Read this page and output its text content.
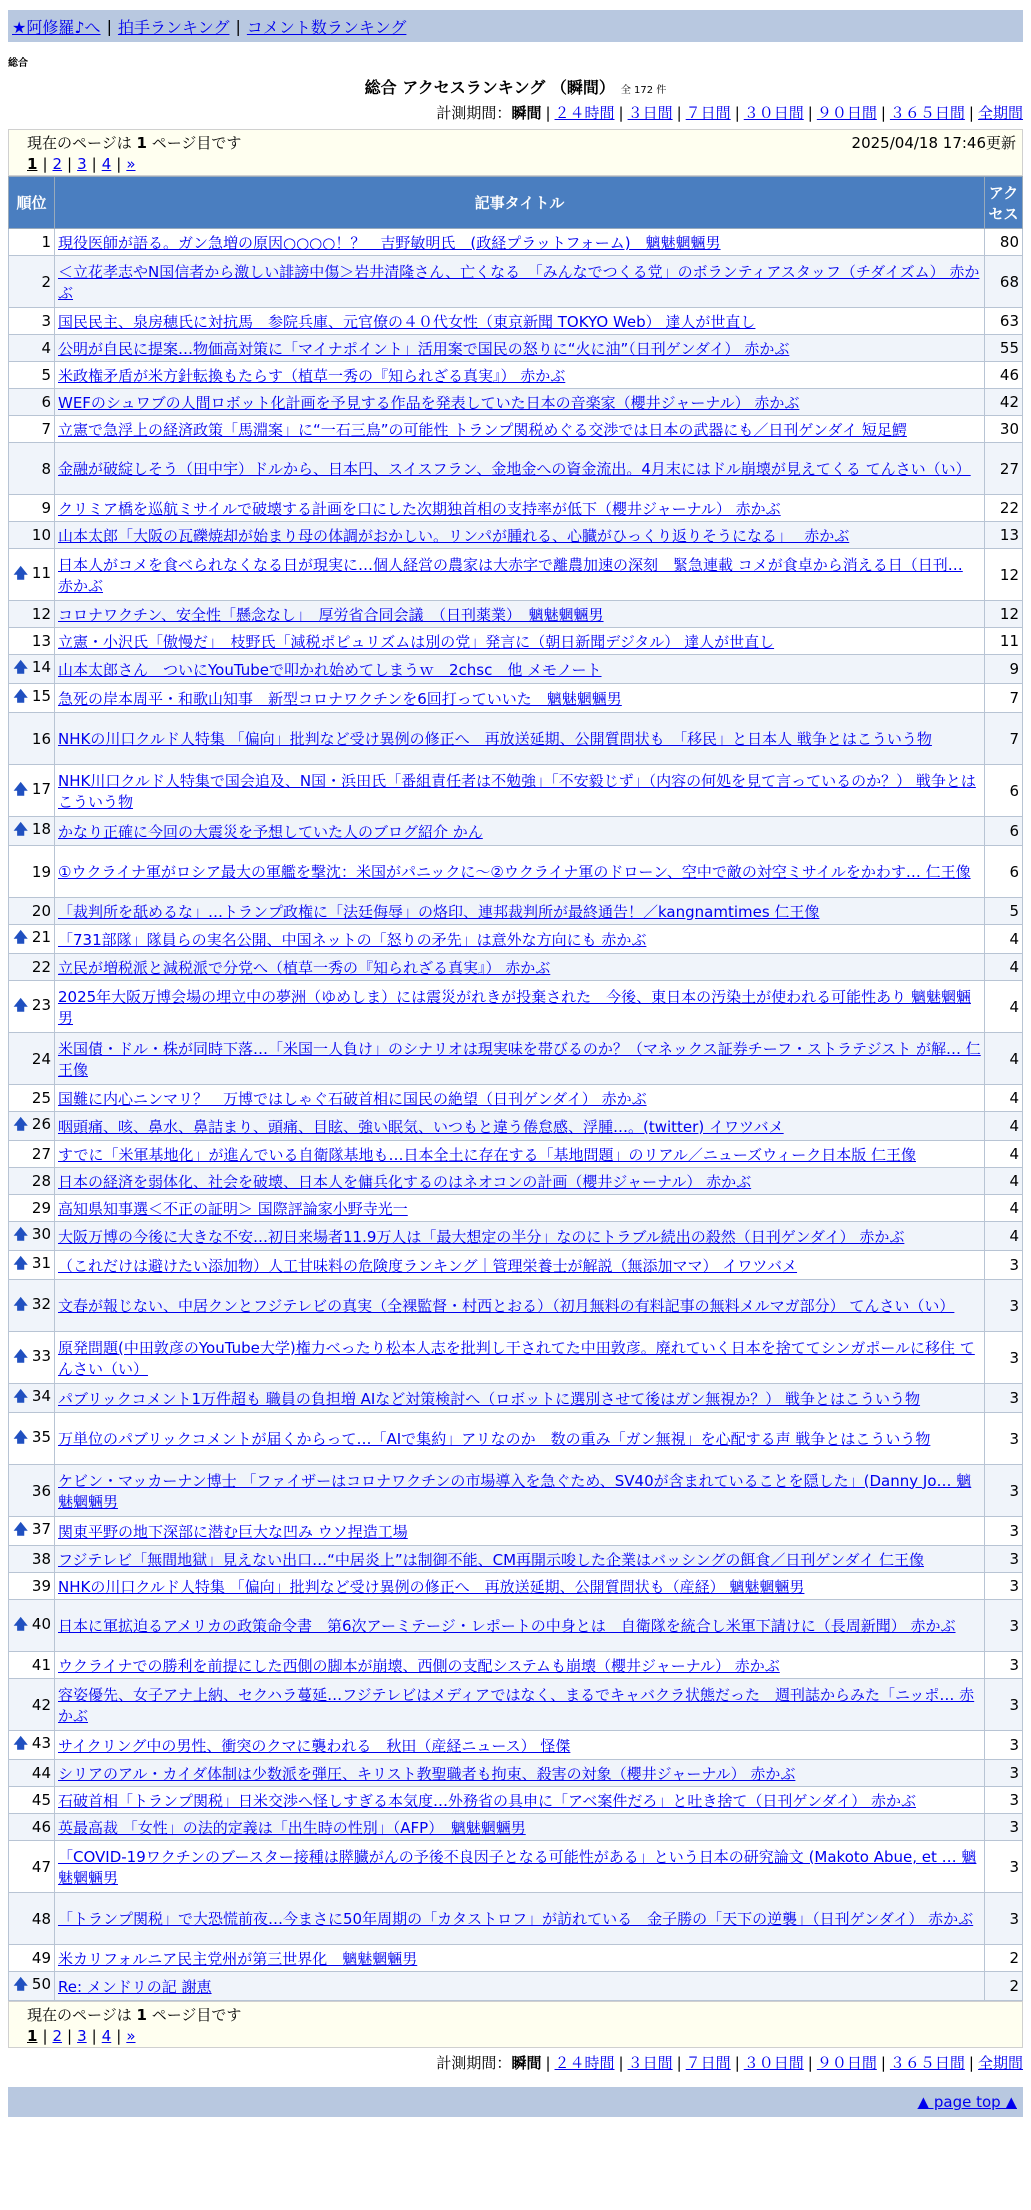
★阿修羅♪へ | 拍手ランキング | コメント数ランキング
総合
総合 アクセスランキング （瞬間） 全 172 件
計測期間：瞬間 | ２４時間 | ３日間 | ７日間 | ３０日間 | ９０日間 | ３６５日間 | 全期間
現在のページは 1 ページ目です	2025/04/18 17:46更新
1 | 2 | 3 | 4 | »
順位	記事タイトル	アクセス
1	現役医師が語る。ガン急増の原因○○○○！？　吉野敏明氏　(政経プラットフォーム)　魑魅魍魎男	80
2	＜立花孝志やN国信者から激しい誹謗中傷＞岩井清隆さん、亡くなる　「みんなでつくる党」のボランティアスタッフ（チダイズム） 赤かぶ	68
3	国民民主、泉房穂氏に対抗馬　参院兵庫、元官僚の４０代女性（東京新聞 TOKYO Web） 達人が世直し	63
4	公明が自民に提案…物価高対策に「マイナポイント」活用案で国民の怒りに“火に油”（日刊ゲンダイ） 赤かぶ	55
5	米政権矛盾が米方針転換もたらす（植草一秀の『知られざる真実』） 赤かぶ	46
6	WEFのシュワブの人間ロボット化計画を予見する作品を発表していた日本の音楽家（櫻井ジャーナル） 赤かぶ	42
7	立憲で急浮上の経済政策「馬淵案」に“一石三鳥”の可能性 トランプ関税めぐる交渉では日本の武器にも／日刊ゲンダイ 短足鰐	30
8	金融が破綻しそう（田中宇）ドルから、日本円、スイスフラン、金地金への資金流出。4月末にはドル崩壊が見えてくる てんさい（い）	27
9	クリミア橋を巡航ミサイルで破壊する計画を口にした次期独首相の支持率が低下（櫻井ジャーナル） 赤かぶ	22
10	山本太郎「大阪の瓦礫焼却が始まり母の体調がおかしい。リンパが腫れる、心臓がひっくり返りそうになる」　 赤かぶ	13
🡅 11	日本人がコメを食べられなくなる日が現実に…個人経営の農家は大赤字で離農加速の深刻　緊急連載 コメが食卓から消える日（日刊… 赤かぶ	12
12	コロナワクチン、安全性「懸念なし」　厚労省合同会議　（日刊薬業）　魑魅魍魎男	12
13	立憲・小沢氏「傲慢だ」　枝野氏「減税ポピュリズムは別の党」発言に（朝日新聞デジタル） 達人が世直し	11
🡅 14	山本太郎さん　ついにYouTubeで叩かれ始めてしまうｗ　2chsc　他 メモノート	9
🡅 15	急死の岸本周平・和歌山知事　新型コロナワクチンを6回打っていいた　魑魅魍魎男	7
16	NHKの川口クルド人特集 「偏向」批判など受け異例の修正へ　再放送延期、公開質問状も　「移民」と日本人 戦争とはこういう物	7
🡅 17	NHK川口クルド人特集で国会追及、N国・浜田氏「番組責任者は不勉強」「不安毅じず」（内容の何処を見て言っているのか？） 戦争とはこういう物	6
🡅 18	かなり正確に今回の大震災を予想していた人のブログ紹介 かん	6
19	①ウクライナ軍がロシア最大の軍艦を撃沈：米国がパニックに～②ウクライナ軍のドローン、空中で敵の対空ミサイルをかわす… 仁王像	6
20	「裁判所を舐めるな」…トランプ政権に「法廷侮辱」の烙印、連邦裁判所が最終通告！／kangnamtimes 仁王像	5
🡅 21	「731部隊」隊員らの実名公開、中国ネットの「怒りの矛先」は意外な方向にも 赤かぶ	4
22	立民が増税派と減税派で分党へ（植草一秀の『知られざる真実』） 赤かぶ	4
🡅 23	2025年大阪万博会場の埋立中の夢洲（ゆめしま）には震災がれきが投棄された　今後、東日本の汚染土が使われる可能性あり 魑魅魍魎男	4
24	米国債・ドル・株が同時下落…「米国一人負け」のシナリオは現実味を帯びるのか？（マネックス証券チーフ・ストラテジスト が解… 仁王像	4
25	国難に内心ニンマリ？　万博ではしゃぐ石破首相に国民の絶望（日刊ゲンダイ） 赤かぶ	4
🡅 26	咽頭痛、咳、鼻水、鼻詰まり、頭痛、目眩、強い眠気、いつもと違う倦怠感、浮腫…。(twitter) イワツバメ	4
27	すでに「米軍基地化」が進んでいる自衛隊基地も…日本全土に存在する「基地問題」のリアル／ニューズウィーク日本版 仁王像	4
28	日本の経済を弱体化、社会を破壊、日本人を傭兵化するのはネオコンの計画（櫻井ジャーナル） 赤かぶ	4
29	高知県知事選＜不正の証明＞ 国際評論家小野寺光一	4
🡅 30	大阪万博の今後に大きな不安…初日来場者11.9万人は「最大想定の半分」なのにトラブル続出の殺然（日刊ゲンダイ） 赤かぶ	4
🡅 31	（これだけは避けたい添加物）人工甘味料の危険度ランキング｜管理栄養士が解説（無添加ママ） イワツバメ	3
🡅 32	文春が報じない、中居クンとフジテレビの真実（全裸監督・村西とおる）（初月無料の有料記事の無料メルマガ部分） てんさい（い）	3
🡅 33	原発問題(中田敦彦のYouTube大学)権力べったり松本人志を批判し干されてた中田敦彦。廃れていく日本を捨ててシンガポールに移住 てんさい（い）	3
🡅 34	パブリックコメント1万件超も 職員の負担増 AIなど対策検討へ（ロボットに選別させて後はガン無視か？） 戦争とはこういう物	3
🡅 35	万単位のパブリックコメントが届くからって…「AIで集約」アリなのか　数の重み「ガン無視」を心配する声 戦争とはこういう物	3
36	ケビン・マッカーナン博士 「ファイザーはコロナワクチンの市場導入を急ぐため、SV40が含まれていることを隠した」(Danny Jo… 魑魅魍魎男	3
🡅 37	関東平野の地下深部に潜む巨大な凹み ウソ捏造工場	3
38	フジテレビ「無間地獄」見えない出口…“中居炎上”は制御不能、CM再開示唆した企業はバッシングの餌食／日刊ゲンダイ 仁王像	3
39	NHKの川口クルド人特集 「偏向」批判など受け異例の修正へ　再放送延期、公開質問状も（産経） 魑魅魍魎男	3
🡅 40	日本に軍拡迫るアメリカの政策命令書　第6次アーミテージ・レポートの中身とは　自衛隊を統合し米軍下請けに（長周新聞） 赤かぶ	3
41	ウクライナでの勝利を前提にした西側の脚本が崩壊、西側の支配システムも崩壊（櫻井ジャーナル） 赤かぶ	3
42	容姿優先、女子アナ上納、セクハラ蔓延…フジテレビはメディアではなく、まるでキャバクラ状態だった　週刊誌からみた「ニッポ… 赤かぶ	3
🡅 43	サイクリング中の男性、衝突のクマに襲われる　秋田（産経ニュース） 怪傑	3
44	シリアのアル・カイダ体制は少数派を弾圧、キリスト教聖職者も拘束、殺害の対象（櫻井ジャーナル） 赤かぶ	3
45	石破首相「トランプ関税」日米交渉へ怪しすぎる本気度…外務省の具申に「アベ案件だろ」と吐き捨て（日刊ゲンダイ） 赤かぶ	3
46	英最高裁 「女性」の法的定義は「出生時の性別」（AFP）　魑魅魍魎男	3
47	「COVID-19ワクチンのブースター接種は膵臓がんの予後不良因子となる可能性がある」という日本の研究論文 (Makoto Abue, et … 魑魅魍魎男	3
48	「トランプ関税」で大恐慌前夜…今まさに50年周期の「カタストロフ」が訪れている　金子勝の「天下の逆襲」（日刊ゲンダイ） 赤かぶ	3
49	米カリフォルニア民主党州が第三世界化　魑魅魍魎男	2
🡅 50	Re: メンドリの記 謝恵	2
現在のページは 1 ページ目です
1 | 2 | 3 | 4 | »
計測期間：瞬間 | ２４時間 | ３日間 | ７日間 | ３０日間 | ９０日間 | ３６５日間 | 全期間
▲ page top ▲
